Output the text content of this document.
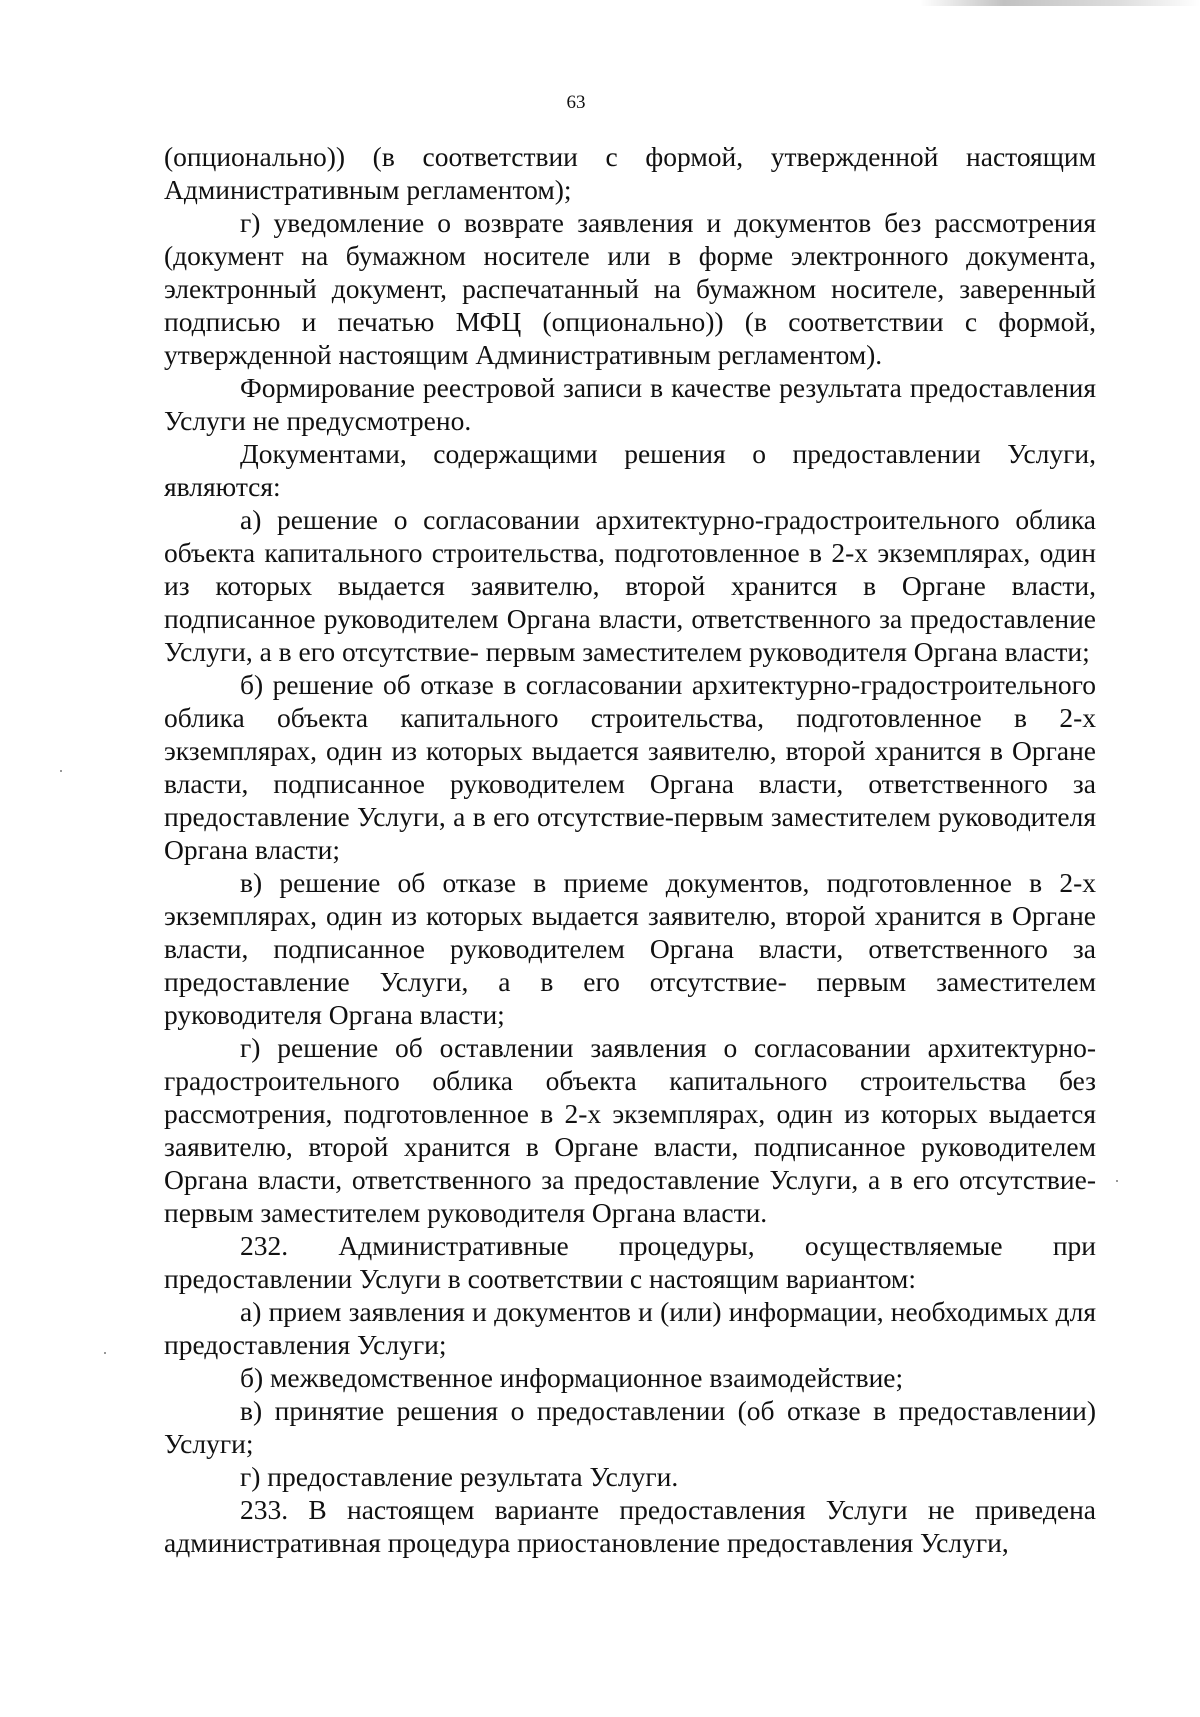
63

(опционально)) (в соответствии с формой, утвержденной настоящим Административным регламентом);

г) уведомление о возврате заявления и документов без рассмотрения (документ на бумажном носителе или в форме электронного документа, электронный документ, распечатанный на бумажном носителе, заверенный подписью и печатью МФЦ (опционально)) (в соответствии с формой, утвержденной настоящим Административным регламентом).

Формирование реестровой записи в качестве результата предоставления Услуги не предусмотрено.

Документами, содержащими решения о предоставлении Услуги, являются:

а) решение о согласовании архитектурно-градостроительного облика объекта капитального строительства, подготовленное в 2-х экземплярах, один из которых выдается заявителю, второй хранится в Органе власти, подписанное руководителем Органа власти, ответственного за предоставление Услуги, а в его отсутствие- первым заместителем руководителя Органа власти;

б) решение об отказе в согласовании архитектурно-градостроительного облика объекта капитального строительства, подготовленное в 2-х экземплярах, один из которых выдается заявителю, второй хранится в Органе власти, подписанное руководителем Органа власти, ответственного за предоставление Услуги, а в его отсутствие-первым заместителем руководителя Органа власти;

в) решение об отказе в приеме документов, подготовленное в 2-х экземплярах, один из которых выдается заявителю, второй хранится в Органе власти, подписанное руководителем Органа власти, ответственного за предоставление Услуги, а в его отсутствие- первым заместителем руководителя Органа власти;

г) решение об оставлении заявления о согласовании архитектурно-градостроительного облика объекта капитального строительства без рассмотрения, подготовленное в 2-х экземплярах, один из которых выдается заявителю, второй хранится в Органе власти, подписанное руководителем Органа власти, ответственного за предоставление Услуги, а в его отсутствие- первым заместителем руководителя Органа власти.

232. Административные процедуры, осуществляемые при предоставлении Услуги в соответствии с настоящим вариантом:

а) прием заявления и документов и (или) информации, необходимых для предоставления Услуги;

б) межведомственное информационное взаимодействие;

в) принятие решения о предоставлении (об отказе в предоставлении) Услуги;

г) предоставление результата Услуги.

233. В настоящем варианте предоставления Услуги не приведена административная процедура приостановление предоставления Услуги,
